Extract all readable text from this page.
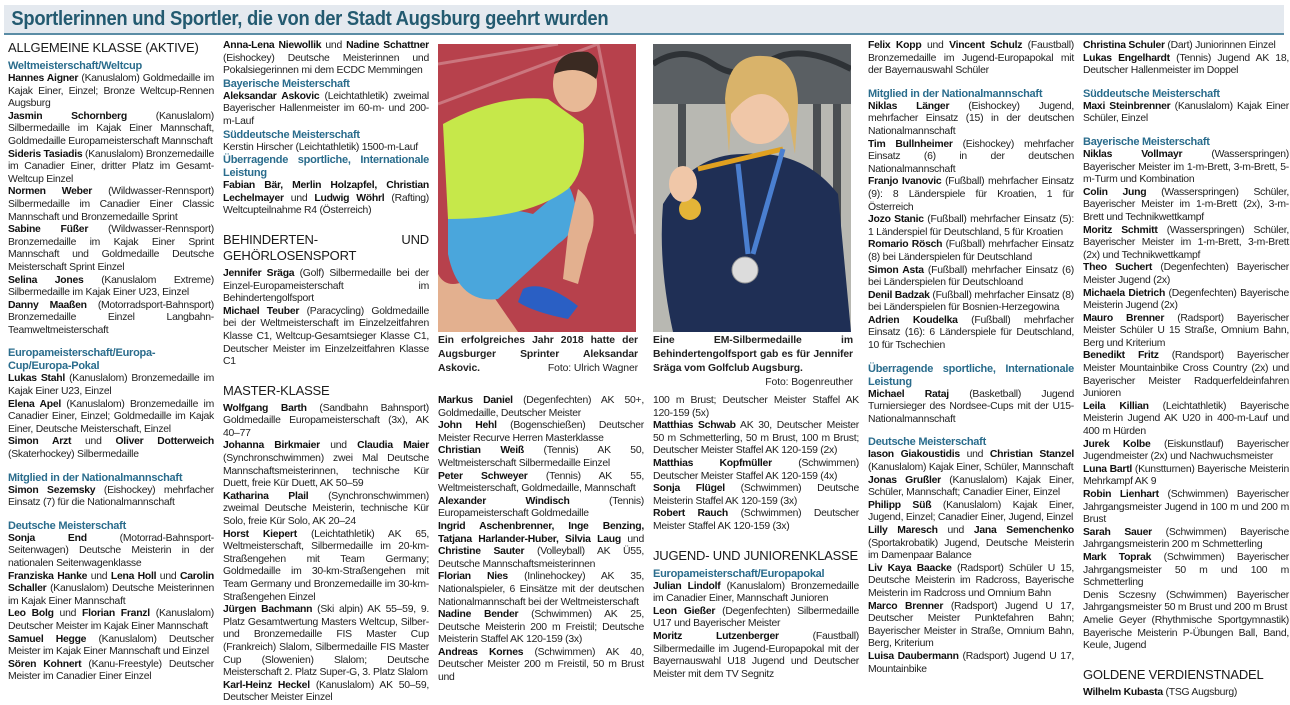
Sportlerinnen und Sportler, die von der Stadt Augsburg geehrt wurden
ALLGEMEINE KLASSE (AKTIVE)
Weltmeisterschaft/Weltcup

Hannes Aigner (Kanuslalom) Goldmedaille im Kajak Einer, Einzel; Bronze Weltcup-Rennen Augsburg

Jasmin Schornberg (Kanuslalom) Silbermedaille im Kajak Einer Mannschaft, Goldmedaille Europameisterschaft Mannschaft

Sideris Tasiadis (Kanuslalom) Bronzemedaille im Canadier Einer, dritter Platz im Gesamt-Weltcup Einzel

Normen Weber (Wildwasser-Rennsport) Silbermedaille im Canadier Einer Classic Mannschaft und Bronzemedaille Sprint

Sabine Füßer (Wildwasser-Rennsport) Bronzemedaille im Kajak Einer Sprint Mannschaft und Goldmedaille Deutsche Meisterschaft Sprint Einzel

Selina Jones (Kanuslalom Extreme) Silbermedaille im Kajak Einer U23, Einzel

Danny Maaßen (Motorradsport-Bahnsport) Bronzemedaille Einzel Langbahn-Teamweltmeisterschaft

Europameisterschaft/Europa-Cup/Europa-Pokal

Lukas Stahl (Kanuslalom) Bronzemedaille im Kajak Einer U23, Einzel

Elena Apel (Kanuslalom) Bronzemedaille im Canadier Einer, Einzel; Goldmedaille im Kajak Einer, Deutsche Meisterschaft, Einzel

Simon Arzt und Oliver Dotterweich (Skaterhockey) Silbermedaille

Mitglied in der Nationalmannschaft

Simon Sezemsky (Eishockey) mehrfacher Einsatz (7) für die Nationalmannschaft

Deutsche Meisterschaft

Sonja End (Motorrad-Bahnsport-Seitenwagen) Deutsche Meisterin in der nationalen Seitenwagenklasse

Franziska Hanke und Lena Holl und Carolin Schaller (Kanuslalom) Deutsche Meisterinnen im Kajak Einer Mannschaft

Leo Bolg und Florian Franzl (Kanuslalom) Deutscher Meister im Kajak Einer Mannschaft

Samuel Hegge (Kanuslalom) Deutscher Meister im Kajak Einer Mannschaft und Einzel

Sören Kohnert (Kanu-Freestyle) Deutscher Meister im Canadier Einer Einzel

Anna-Lena Niewollik und Nadine Schattner (Eishockey) Deutsche Meisterinnen und Pokalsiegerinnen mi dem ECDC Memmingen

Bayerische Meisterschaft

Aleksandar Askovic (Leichtathletik) zweimal Bayerischer Hallenmeister im 60-m- und 200-m-Lauf

Süddeutsche Meisterschaft

Kerstin Hirscher (Leichtathletik) 1500-m-Lauf

Überragende sportliche, Internationale Leistung

Fabian Bär, Merlin Holzapfel, Christian Lechelmayer und Ludwig Wöhrl (Rafting) Weltcupteilnahme R4 (Österreich)

BEHINDERTEN- UND GEHÖRLOSENSPORT

Jennifer Sräga (Golf) Silbermedaille bei der Einzel-Europameisterschaft im Behindertengolfsport

Michael Teuber (Paracycling) Goldmedaille bei der Weltmeisterschaft im Einzelzeitfahren Klasse C1, Weltcup-Gesamtsieger Klasse C1, Deutscher Meister im Einzelzeitfahren Klasse C1

MASTER-KLASSE

Wolfgang Barth (Sandbahn Bahnsport) Goldmedaille Europameisterschaft (3x), AK 40–77

Johanna Birkmaier und Claudia Maier (Synchronschwimmen) zwei Mal Deutsche Mannschaftsmeisterinnen, technische Kür Duett, freie Kür Duett, AK 50–59

Katharina Plail (Synchronschwimmen) zweimal Deutsche Meisterin, technische Kür Solo, freie Kür Solo, AK 20–24

Horst Kiepert (Leichtathletik) AK 65, Weltmeisterschaft, Silbermedaille im 20-km-Straßengehen mit Team Germany; Goldmedaille im 30-km-Straßengehen mit Team Germany und Bronzemedaille im 30-km-Straßengehen Einzel

Jürgen Bachmann (Ski alpin) AK 55–59, 9. Platz Gesamtwertung Masters Weltcup, Silber- und Bronzemedaille FIS Master Cup (Frankreich) Slalom, Silbermedaille FIS Master Cup (Slowenien) Slalom; Deutsche Meisterschaft 2. Platz Super-G, 3. Platz Slalom

Karl-Heinz Heckel (Kanuslalom) AK 50–59, Deutscher Meister Einzel

Ein erfolgreiches Jahr 2018 hatte der Augsburger Sprinter Aleksandar Askovic.	Foto: Ulrich Wagner
Eine EM-Silbermedaille im Behindertengolfsport gab es für Jennifer Sräga vom Golfclub Augsburg.
Foto: Bogenreuther

Markus Daniel (Degenfechten) AK 50+, Goldmedaille, Deutscher Meister

John Hehl (Bogenschießen) Deutscher Meister Recurve Herren Masterklasse

Christian Weiß (Tennis) AK 50, Weltmeisterschaft Silbermedaille Einzel

Peter Schweyer (Tennis) AK 55, Weltmeisterschaft, Goldmedaille, Mannschaft

Alexander Windisch (Tennis) Europameisterschaft Goldmedaille

Ingrid Aschenbrenner, Inge Benzing, Tatjana Harlander-Huber, Silvia Laug und Christine Sauter (Volleyball) AK Ü55, Deutsche Mannschaftsmeisterinnen

Florian Nies (Inlinehockey) AK 35, Nationalspieler, 6 Einsätze mit der deutschen Nationalmannschaft bei der Weltmeisterschaft

Nadine Bender (Schwimmen) AK 25, Deutsche Meisterin 200 m Freistil; Deutsche Meisterin Staffel AK 120-159 (3x)

Andreas Kornes (Schwimmen) AK 40, Deutscher Meister 200 m Freistil, 50 m Brust und

100 m Brust; Deutscher Meister Staffel AK 120-159 (5x)

Matthias Schwab AK 30, Deutscher Meister 50 m Schmetterling, 50 m Brust, 100 m Brust; Deutscher Meister Staffel AK 120-159 (2x)

Matthias Kopfmüller (Schwimmen) Deutscher Meister Staffel AK 120-159 (4x)

Sonja Flügel (Schwimmen) Deutsche Meisterin Staffel AK 120-159 (3x)

Robert Rauch (Schwimmen) Deutscher Meister Staffel AK 120-159 (3x)

JUGEND- UND JUNIORENKLASSE
Europameisterschaft/Europapokal

Julian Lindolf (Kanuslalom) Bronzemedaille im Canadier Einer, Mannschaft Junioren

Leon Gießer (Degenfechten) Silbermedaille U17 und Bayerischer Meister

Moritz Lutzenberger (Faustball) Silbermedaille im Jugend-Europapokal mit der Bayernauswahl U18 Jugend und Deutscher Meister mit dem TV Segnitz

Felix Kopp und Vincent Schulz (Faustball) Bronzemedaille im Jugend-Europapokal mit der Bayernauswahl Schüler

Mitglied in der Nationalmannschaft

Niklas Länger (Eishockey) Jugend, mehrfacher Einsatz (15) in der deutschen Nationalmannschaft

Tim Bullnheimer (Eishockey) mehrfacher Einsatz (6) in der deutschen Nationalmannschaft

Franjo Ivanovic (Fußball) mehrfacher Einsatz (9): 8 Länderspiele für Kroatien, 1 für Österreich

Jozo Stanic (Fußball) mehrfacher Einsatz (5): 1 Länderspiel für Deutschland, 5 für Kroatien

Romario Rösch (Fußball) mehrfacher Einsatz (8) bei Länderspielen für Deutschland

Simon Asta (Fußball) mehrfacher Einsatz (6) bei Länderspielen für Deutschloand

Denil Badzak (Fußball) mehrfacher Einsatz (8) bei Länderspielen für Bosnien-Herzegowina

Adrien Koudelka (Fußball) mehrfacher Einsatz (16): 6 Länderspiele für Deutschland, 10 für Tschechien

Überragende sportliche, Internationale Leistung

Michael Rataj (Basketball) Jugend Turniersieger des Nordsee-Cups mit der U15-Nationalmannschaft

Deutsche Meisterschaft

Iason Giakoustidis und Christian Stanzel (Kanuslalom) Kajak Einer, Schüler, Mannschaft

Jonas Grußler (Kanuslalom) Kajak Einer, Schüler, Mannschaft; Canadier Einer, Einzel

Philipp Süß (Kanuslalom) Kajak Einer, Jugend, Einzel; Canadier Einer, Jugend, Einzel

Lilly Maresch und Jana Semenchenko (Sportakrobatik) Jugend, Deutsche Meisterin im Damenpaar Balance

Liv Kaya Baacke (Radsport) Schüler U 15, Deutsche Meisterin im Radcross, Bayerische Meisterin im Radcross und Omnium Bahn

Marco Brenner (Radsport) Jugend U 17, Deutscher Meister Punktefahren Bahn; Bayerischer Meister in Straße, Omnium Bahn, Berg, Kriterium

Luisa Daubermann (Radsport) Jugend U 17, Mountainbike

Christina Schuler (Dart) Juniorinnen Einzel

Lukas Engelhardt (Tennis) Jugend AK 18, Deutscher Hallenmeister im Doppel

Süddeutsche Meisterschaft

Maxi Steinbrenner (Kanuslalom) Kajak Einer Schüler, Einzel

Bayerische Meisterschaft

Niklas Vollmayr (Wasserspringen) Bayerischer Meister im 1-m-Brett, 3-m-Brett, 5-m-Turm und Kombination

Colin Jung (Wasserspringen) Schüler, Bayerischer Meister im 1-m-Brett (2x), 3-m-Brett und Technikwettkampf

Moritz Schmitt (Wasserspringen) Schüler, Bayerischer Meister im 1-m-Brett, 3-m-Brett (2x) und Technikwettkampf

Theo Suchert (Degenfechten) Bayerischer Meister Jugend (2x)

Michaela Dietrich (Degenfechten) Bayerische Meisterin Jugend (2x)

Mauro Brenner (Radsport) Bayerischer Meister Schüler U 15 Straße, Omnium Bahn, Berg und Kriterium

Benedikt Fritz (Randsport) Bayerischer Meister Mountainbike Cross Country (2x) und Bayerischer Meister Radquerfeldeinfahren Junioren

Leila Killian (Leichtathletik) Bayerische Meisterin Jugend AK U20 in 400-m-Lauf und 400 m Hürden

Jurek Kolbe (Eiskunstlauf) Bayerischer Jugendmeister (2x) und Nachwuchsmeister

Luna Bartl (Kunstturnen) Bayerische Meisterin Mehrkampf AK 9

Robin Lienhart (Schwimmen) Bayerischer Jahrgangsmeister Jugend in 100 m und 200 m Brust

Sarah Sauer (Schwimmen) Bayerische Jahrgangsmeisterin 200 m Schmetterling

Mark Toprak (Schwimmen) Bayerischer Jahrgangsmeister 50 m und 100 m Schmetterling

Denis Sczesny (Schwimmen) Bayerischer Jahrgangsmeister 50 m Brust und 200 m Brust

Amelie Geyer (Rhythmische Sportgymnastik) Bayerische Meisterin P-Übungen Ball, Band, Keule, Jugend

GOLDENE VERDIENSTNADEL

Wilhelm Kubasta (TSG Augsburg)
